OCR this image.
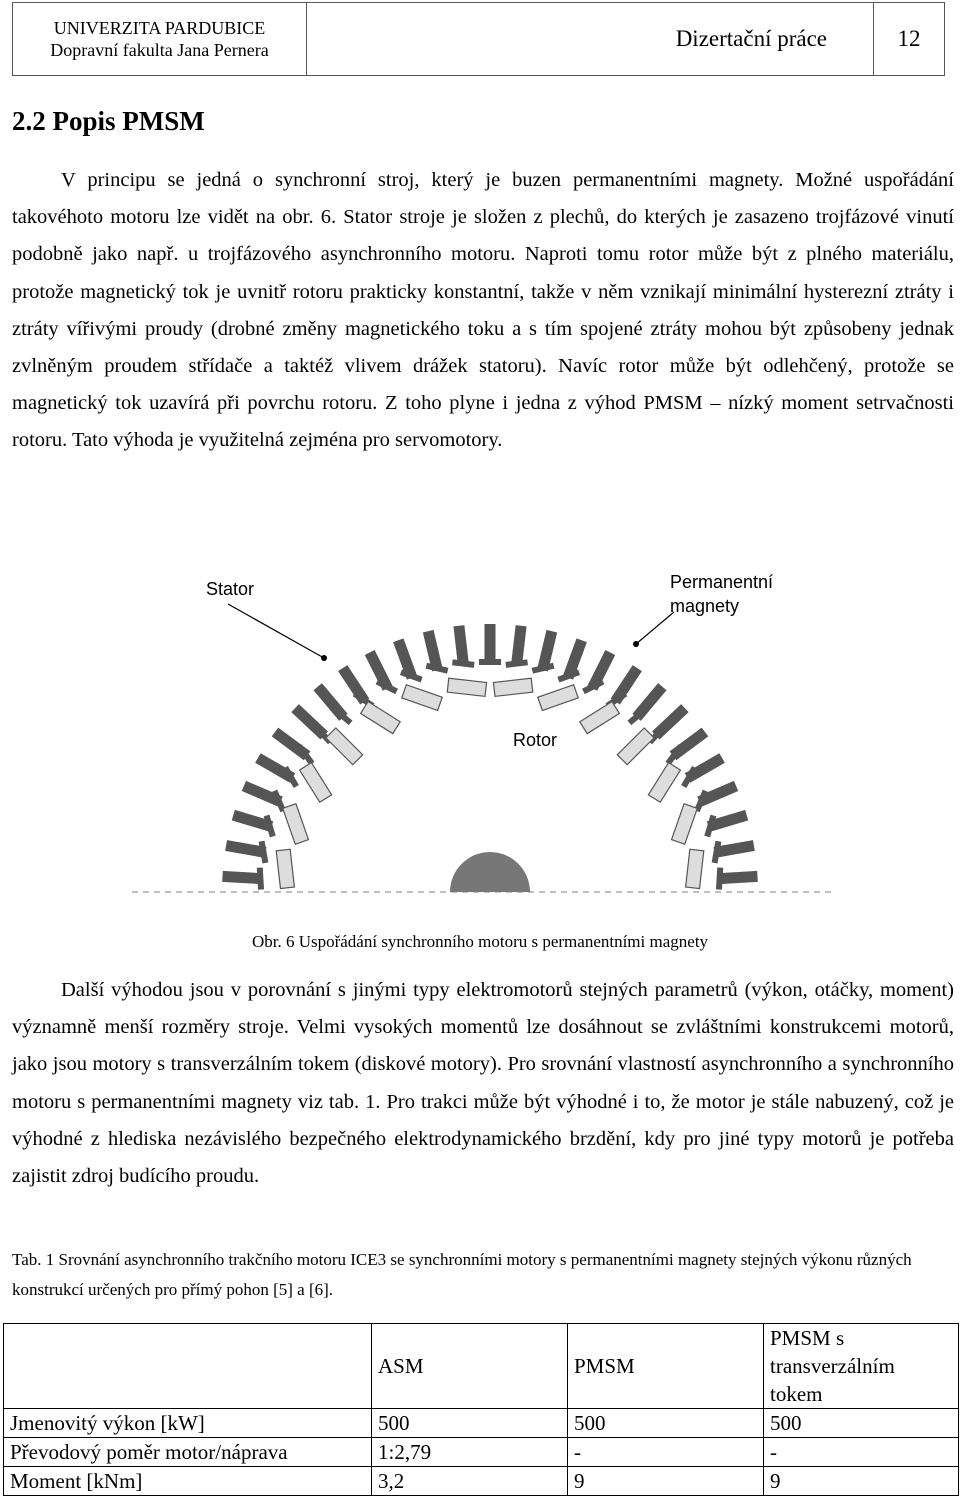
UNIVERZITA PARDUBICE
Dopravní fakulta Jana Pernera	Dizertační práce	12
2.2 Popis PMSM

V principu se jedná o synchronní stroj, který je buzen permanentními magnety. Možné uspořádání takovéhoto motoru lze vidět na obr. 6. Stator stroje je složen z plechů, do kterých je zasazeno trojfázové vinutí podobně jako např. u trojfázového asynchronního motoru. Naproti tomu rotor může být z plného materiálu, protože magnetický tok je uvnitř rotoru prakticky konstantní, takže v něm vznikají minimální hysterezní ztráty i ztráty vířivými proudy (drobné změny magnetického toku a s tím spojené ztráty mohou být způsobeny jednak zvlněným proudem střídače a taktéž vlivem drážek statoru). Navíc rotor může být odlehčený, protože se magnetický tok uzavírá při povrchu rotoru. Z toho plyne i jedna z výhod PMSM – nízký moment setrvačnosti rotoru. Tato výhoda je využitelná zejména pro servomotory.

Stator	Permanentní
magnety
Rotor
Obr. 6 Uspořádání synchronního motoru s permanentními magnety

Další výhodou jsou v porovnání s jinými typy elektromotorů stejných parametrů (výkon, otáčky, moment) významně menší rozměry stroje. Velmi vysokých momentů lze dosáhnout se zvláštními konstrukcemi motorů, jako jsou motory s transverzálním tokem (diskové motory). Pro srovnání vlastností asynchronního a synchronního motoru s permanentními magnety viz tab. 1. Pro trakci může být výhodné i to, že motor je stále nabuzený, což je výhodné z hlediska nezávislého bezpečného elektrodynamického brzdění, kdy pro jiné typy motorů je potřeba zajistit zdroj budícího proudu.

Tab. 1 Srovnání asynchronního trakčního motoru ICE3 se synchronními motory s permanentními magnety stejných výkonu různých konstrukcí určených pro přímý pohon [5] a [6].

	ASM	PMSM	PMSM s transverzálním tokem
Jmenovitý výkon [kW]	500	500	500
Převodový poměr motor/náprava	1:2,79	-	-
Moment [kNm]	3,2	9	9
